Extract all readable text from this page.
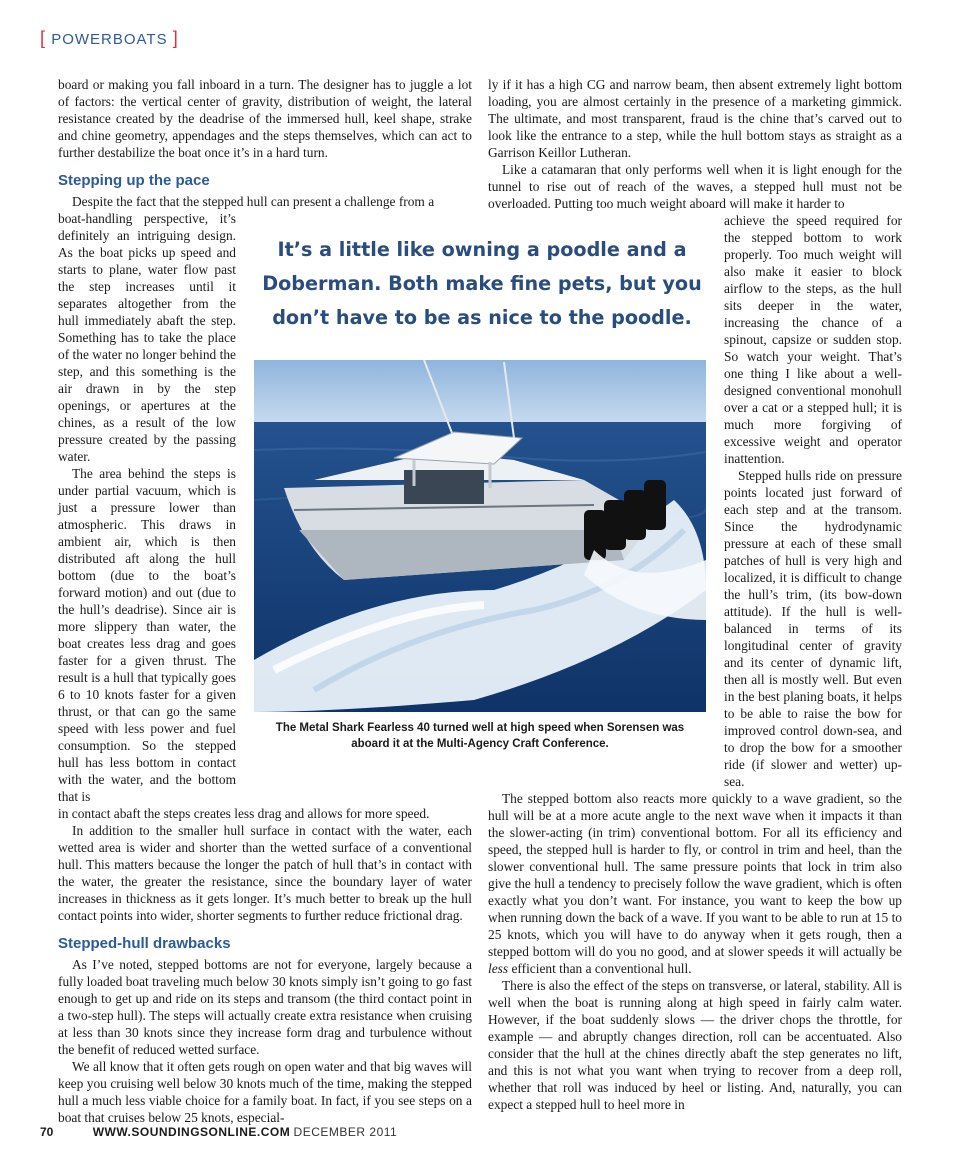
[ POWERBOATS ]

board or making you fall inboard in a turn. The designer has to juggle a lot of factors: the vertical center of gravity, distribution of weight, the lateral resistance created by the deadrise of the immersed hull, keel shape, strake and chine geometry, appendages and the steps themselves, which can act to further destabilize the boat once it’s in a hard turn.

Stepping up the pace

Despite the fact that the stepped hull can present a challenge from a

boat-handling perspective, it’s definitely an intriguing design. As the boat picks up speed and starts to plane, water flow past the step increases until it separates altogether from the hull immediately abaft the step. Something has to take the place of the water no longer behind the step, and this something is the air drawn in by the step openings, or apertures at the chines, as a result of the low pressure created by the passing water.

The area behind the steps is under partial vacuum, which is just a pressure lower than atmospheric. This draws in ambient air, which is then distributed aft along the hull bottom (due to the boat’s forward motion) and out (due to the hull’s deadrise). Since air is more slippery than water, the boat creates less drag and goes faster for a given thrust. The result is a hull that typically goes 6 to 10 knots faster for a given thrust, or that can go the same speed with less power and fuel consumption. So the stepped hull has less bottom in contact with the water, and the bottom that is

in contact abaft the steps creates less drag and allows for more speed.

In addition to the smaller hull surface in contact with the water, each wetted area is wider and shorter than the wetted surface of a conventional hull. This matters because the longer the patch of hull that’s in contact with the water, the greater the resistance, since the boundary layer of water increases in thickness as it gets longer. It’s much better to break up the hull contact points into wider, shorter segments to further reduce frictional drag.

Stepped-hull drawbacks

As I’ve noted, stepped bottoms are not for everyone, largely because a fully loaded boat traveling much below 30 knots simply isn’t going to go fast enough to get up and ride on its steps and transom (the third contact point in a two-step hull). The steps will actually create extra resistance when cruising at less than 30 knots since they increase form drag and turbulence without the benefit of reduced wetted surface.

We all know that it often gets rough on open water and that big waves will keep you cruising well below 30 knots much of the time, making the stepped hull a much less viable choice for a family boat. In fact, if you see steps on a boat that cruises below 25 knots, especial-

ly if it has a high CG and narrow beam, then absent extremely light bottom loading, you are almost certainly in the presence of a marketing gimmick. The ultimate, and most transparent, fraud is the chine that’s carved out to look like the entrance to a step, while the hull bottom stays as straight as a Garrison Keillor Lutheran.

Like a catamaran that only performs well when it is light enough for the tunnel to rise out of reach of the waves, a stepped hull must not be overloaded. Putting too much weight aboard will make it harder to

achieve the speed required for the stepped bottom to work properly. Too much weight will also make it easier to block airflow to the steps, as the hull sits deeper in the water, increasing the chance of a spinout, capsize or sudden stop. So watch your weight. That’s one thing I like about a well-designed conventional monohull over a cat or a stepped hull; it is much more forgiving of excessive weight and operator inattention.

Stepped hulls ride on pressure points located just forward of each step and at the transom. Since the hydrodynamic pressure at each of these small patches of hull is very high and localized, it is difficult to change the hull’s trim, (its bow-down attitude). If the hull is well-balanced in terms of its longitudinal center of gravity and its center of dynamic lift, then all is mostly well. But even in the best planing boats, it helps to be able to raise the bow for improved control down-sea, and to drop the bow for a smoother ride (if slower and wetter) up-sea.

The stepped bottom also reacts more quickly to a wave gradient, so the hull will be at a more acute angle to the next wave when it impacts it than the slower-acting (in trim) conventional bottom. For all its efficiency and speed, the stepped hull is harder to fly, or control in trim and heel, than the slower conventional hull. The same pressure points that lock in trim also give the hull a tendency to precisely follow the wave gradient, which is often exactly what you don’t want. For instance, you want to keep the bow up when running down the back of a wave. If you want to be able to run at 15 to 25 knots, which you will have to do anyway when it gets rough, then a stepped bottom will do you no good, and at slower speeds it will actually be less efficient than a conventional hull.

There is also the effect of the steps on transverse, or lateral, stability. All is well when the boat is running along at high speed in fairly calm water. However, if the boat suddenly slows — the driver chops the throttle, for example — and abruptly changes direction, roll can be accentuated. Also consider that the hull at the chines directly abaft the step generates no lift, and this is not what you want when trying to recover from a deep roll, whether that roll was induced by heel or listing. And, naturally, you can expect a stepped hull to heel more in

It’s a little like owning a poodle and a
Doberman. Both make fine pets, but you
don’t have to be as nice to the poodle.
The Metal Shark Fearless 40 turned well at high speed when Sorensen was
aboard it at the Multi-Agency Craft Conference.
70	WWW.SOUNDINGSONLINE.COM DECEMBER 2011
